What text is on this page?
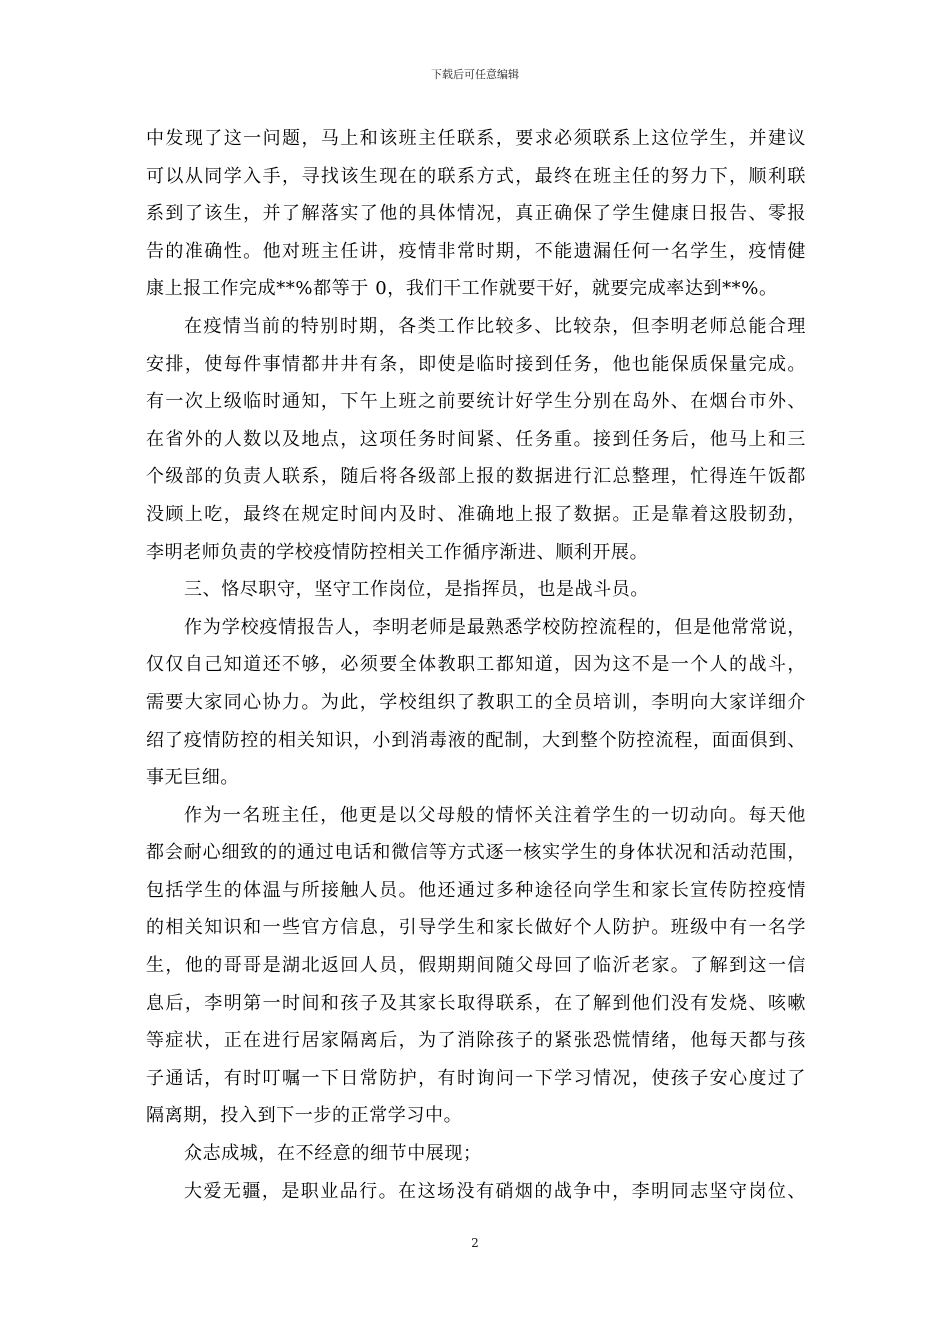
下载后可任意编辑
中发现了这一问题，马上和该班主任联系，要求必须联系上这位学生，并建议
可以从同学入手，寻找该生现在的联系方式，最终在班主任的努力下，顺利联
系到了该生，并了解落实了他的具体情况，真正确保了学生健康日报告、零报
告的准确性。他对班主任讲，疫情非常时期，不能遗漏任何一名学生，疫情健
康上报工作完成**%都等于 0，我们干工作就要干好，就要完成率达到**%。
在疫情当前的特别时期，各类工作比较多、比较杂，但李明老师总能合理
安排，使每件事情都井井有条，即使是临时接到任务，他也能保质保量完成。
有一次上级临时通知，下午上班之前要统计好学生分别在岛外、在烟台市外、
在省外的人数以及地点，这项任务时间紧、任务重。接到任务后，他马上和三
个级部的负责人联系，随后将各级部上报的数据进行汇总整理，忙得连午饭都
没顾上吃，最终在规定时间内及时、准确地上报了数据。正是靠着这股韧劲，
李明老师负责的学校疫情防控相关工作循序渐进、顺利开展。
三、恪尽职守，坚守工作岗位，是指挥员，也是战斗员。
作为学校疫情报告人，李明老师是最熟悉学校防控流程的，但是他常常说，
仅仅自己知道还不够，必须要全体教职工都知道，因为这不是一个人的战斗，
需要大家同心协力。为此，学校组织了教职工的全员培训，李明向大家详细介
绍了疫情防控的相关知识，小到消毒液的配制，大到整个防控流程，面面俱到、
事无巨细。
作为一名班主任，他更是以父母般的情怀关注着学生的一切动向。每天他
都会耐心细致的的通过电话和微信等方式逐一核实学生的身体状况和活动范围，
包括学生的体温与所接触人员。他还通过多种途径向学生和家长宣传防控疫情
的相关知识和一些官方信息，引导学生和家长做好个人防护。班级中有一名学
生，他的哥哥是湖北返回人员，假期期间随父母回了临沂老家。了解到这一信
息后，李明第一时间和孩子及其家长取得联系，在了解到他们没有发烧、咳嗽
等症状，正在进行居家隔离后，为了消除孩子的紧张恐慌情绪，他每天都与孩
子通话，有时叮嘱一下日常防护，有时询问一下学习情况，使孩子安心度过了
隔离期，投入到下一步的正常学习中。
众志成城，在不经意的细节中展现；
大爱无疆，是职业品行。在这场没有硝烟的战争中，李明同志坚守岗位、
2
